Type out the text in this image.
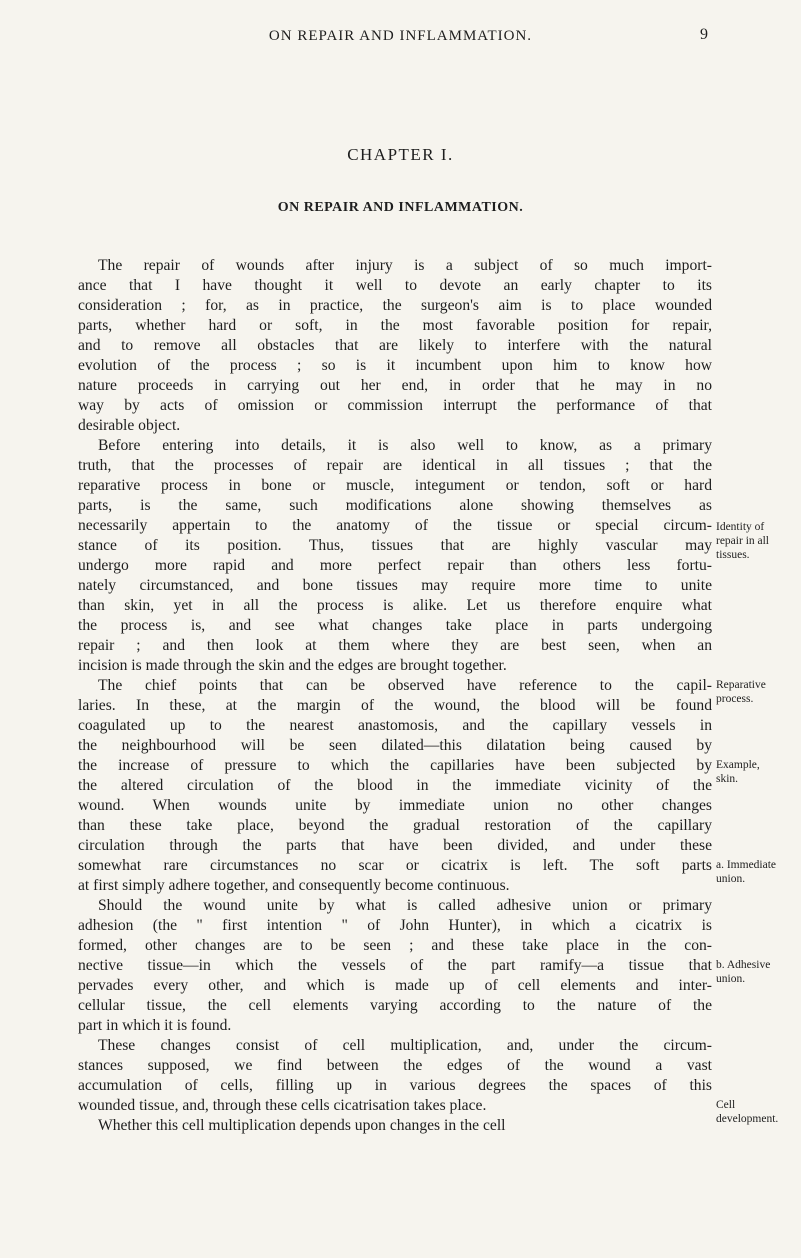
ON REPAIR AND INFLAMMATION.	9
CHAPTER I.
ON REPAIR AND INFLAMMATION.
The repair of wounds after injury is a subject of so much import-
ance that I have thought it well to devote an early chapter to its
consideration ; for, as in practice, the surgeon's aim is to place wounded
parts, whether hard or soft, in the most favorable position for repair,
and to remove all obstacles that are likely to interfere with the natural
evolution of the process ; so is it incumbent upon him to know how
nature proceeds in carrying out her end, in order that he may in no
way by acts of omission or commission interrupt the performance of that
desirable object.
Before entering into details, it is also well to know, as a primary
truth, that the processes of repair are identical in all tissues ; that the
reparative process in bone or muscle, integument or tendon, soft or hard
parts, is the same, such modifications alone showing themselves as
necessarily appertain to the anatomy of the tissue or special circum-
stance of its position. Thus, tissues that are highly vascular may
undergo more rapid and more perfect repair than others less fortu-
nately circumstanced, and bone tissues may require more time to unite
than skin, yet in all the process is alike. Let us therefore enquire what
the process is, and see what changes take place in parts undergoing
repair ; and then look at them where they are best seen, when an
incision is made through the skin and the edges are brought together.
The chief points that can be observed have reference to the capil-
laries. In these, at the margin of the wound, the blood will be found
coagulated up to the nearest anastomosis, and the capillary vessels in
the neighbourhood will be seen dilated—this dilatation being caused by
the increase of pressure to which the capillaries have been subjected by
the altered circulation of the blood in the immediate vicinity of the
wound. When wounds unite by immediate union no other changes
than these take place, beyond the gradual restoration of the capillary
circulation through the parts that have been divided, and under these
somewhat rare circumstances no scar or cicatrix is left. The soft parts
at first simply adhere together, and consequently become continuous.
Should the wound unite by what is called adhesive union or primary
adhesion (the " first intention " of John Hunter), in which a cicatrix is
formed, other changes are to be seen ; and these take place in the con-
nective tissue—in which the vessels of the part ramify—a tissue that
pervades every other, and which is made up of cell elements and inter-
cellular tissue, the cell elements varying according to the nature of the
part in which it is found.
These changes consist of cell multiplication, and, under the circum-
stances supposed, we find between the edges of the wound a vast
accumulation of cells, filling up in various degrees the spaces of this
wounded tissue, and, through these cells cicatrisation takes place.
Whether this cell multiplication depends upon changes in the cell
Identity of
repair in all
tissues.
Reparative
process.
Example,
skin.
a. Immediate
union.
b. Adhesive
union.
Cell
development.
